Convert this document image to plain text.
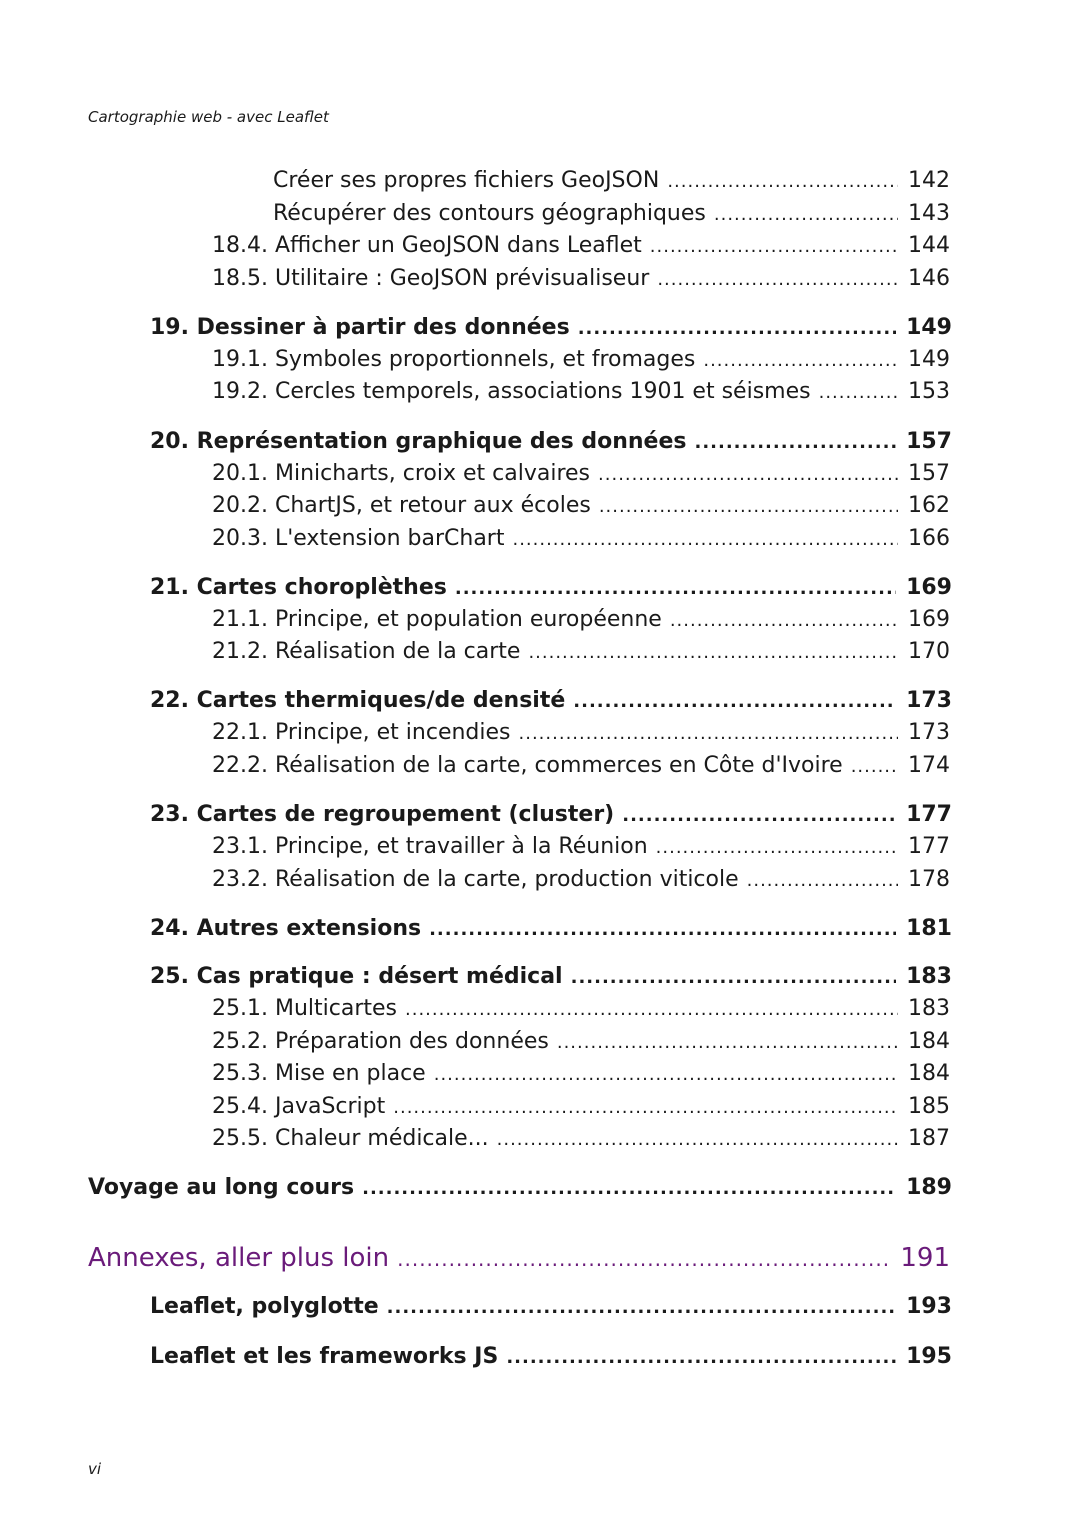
Cartographie web - avec Leaflet
Créer ses propres fichiers GeoJSON .....	142
Récupérer des contours géographiques .....	143
18.4. Afficher un GeoJSON dans Leaflet .....	144
18.5. Utilitaire : GeoJSON prévisualiseur .....	146
19. Dessiner à partir des données .....	149
19.1. Symboles proportionnels, et fromages .....	149
19.2. Cercles temporels, associations 1901 et séismes .....	153
20. Représentation graphique des données .....	157
20.1. Minicharts, croix et calvaires .....	157
20.2. ChartJS, et retour aux écoles .....	162
20.3. L'extension barChart .....	166
21. Cartes choroplèthes .....	169
21.1. Principe, et population européenne .....	169
21.2. Réalisation de la carte .....	170
22. Cartes thermiques/de densité .....	173
22.1. Principe, et incendies .....	173
22.2. Réalisation de la carte, commerces en Côte d'Ivoire .....	174
23. Cartes de regroupement (cluster) .....	177
23.1. Principe, et travailler à la Réunion .....	177
23.2. Réalisation de la carte, production viticole .....	178
24. Autres extensions .....	181
25. Cas pratique : désert médical .....	183
25.1. Multicartes .....	183
25.2. Préparation des données .....	184
25.3. Mise en place .....	184
25.4. JavaScript .....	185
25.5. Chaleur médicale... .....	187
Voyage au long cours .....	189
Annexes, aller plus loin .....	191
Leaflet, polyglotte .....	193
Leaflet et les frameworks JS .....	195
vi
